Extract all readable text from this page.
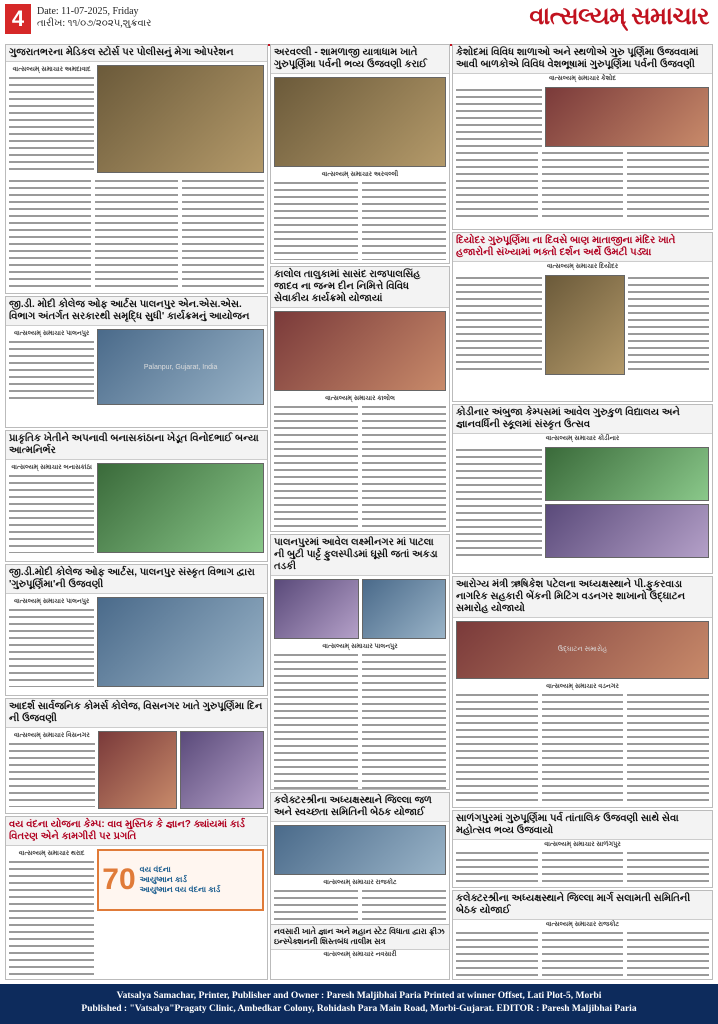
4	Date: 11-07-2025, Friday
તારીખ: ૧૧/૦૭/૨૦૨૫,શુક્રવાર	વાત્સલ્યમ્‌ સમાચાર
ગુજરાતભરના મેડિકલ સ્ટોર્સ પર પોલીસનું મેગા ઓપરેશન
વાત્સલ્યમ્‌ સમાચાર અમદાવાદ
જી.ડી. મોદી કોલેજ ઓફ આર્ટસ પાલનપુર એન.એસ.એસ. વિભાગ અંતર્ગત સરકારથી સમૃદ્ધિ સુધી' કાર્યક્રમનું આયોજન
વાત્સલ્યમ્‌ સમાચાર પાલનપુર
Palanpur, Gujarat, India
પ્રાકૃતિક ખેતીને અપનાવી બનાસકાંઠાના ખેડૂત વિનોદભાઈ બન્યા આત્મનિર્ભર
વાત્સલ્યમ્‌ સમાચાર બનાસકાંઠા
જી.ડી.મોદી કોલેજ ઓફ આર્ટસ, પાલનપુર સંસ્કૃત વિભાગ દ્વારા 'ગુરુપૂર્ણિમા'ની ઉજવણી
વાત્સલ્યમ્‌ સમાચાર પાલનપુર
આદર્શ સાર્વજનિક કોમર્સ કોલેજ, વિસનગર ખાતે ગુરુપૂર્ણિમા દિન ની ઉજવણી
વાત્સલ્યમ્‌ સમાચાર વિસનગર
વય વંદના યોજના કેમ્પ: વાવ મુસ્તિક કે જ્ઞાન? ક્યાંયમાં કાર્ડ વિતરણ એને કામગીરી પર પ્રગતિ
વાત્સલ્યમ્‌ સમાચાર થરાદ
70 વય વંદના
આયુષ્માન કાર્ડ
આયુષ્માન વય વંદના કાર્ડ
અરવલ્લી - શામળાજી યાત્રાધામ ખાતે ગુરુપૂર્ણિમા પર્વની ભવ્ય ઉજવણી કરાઈ
વાત્સલ્યમ્‌ સમાચાર અરવલ્લી
કાલોલ તાલુકામાં સાસંદ રાજપાલસિંહ જાદવ ના જન્મ દીન નિમિત્તે વિવિધ સેવાકીય કાર્યક્રમો યોજાયાં
વાત્સલ્યમ્‌ સમાચાર કાલોલ
પાલનપુરમાં આવેલ લક્ષ્મીનગર માં પાટલા ની બુટી પાર્ટ્ટ ફુલસ્પીડમાં ઘૂસી જતાં અકડા તડકી
વાત્સલ્યમ્‌ સમાચાર પાલનપુર
કલેક્ટરશ્રીના અધ્યક્ષસ્થાને જિલ્લા જળ અને સ્વચ્છતા સમિતિની બેઠક યોજાઈ
વાત્સલ્યમ્‌ સમાચાર રાજકોટ
કેશોદમાં વિવિધ શાળાઓ અને સ્થળોએ ગુરુ પૂર્ણિમા ઉજવવામાં આવી બાળકોએ વિવિધ વેશભૂષામાં ગુરુપૂર્ણિમા પર્વની ઉજવણી
વાત્સલ્યમ્‌ સમાચાર કેશોદ
દિયોદર ગુરુપૂર્ણિમા ના દિવસે બાણ માતાજીના મંદિર ખાતે હજારોની સંખ્યામાં ભક્તો દર્શન અર્થે ઉમટી પડ્યા
વાત્સલ્યમ્‌ સમાચાર દિયોદર
કોડીનાર અંબુજા કેમ્પસમાં આવેલ ગુરુકુળ વિદ્યાલય અને જ્ઞાનવર્ધિની સ્કૂલમાં સંસ્કૃત ઉત્સવ
વાત્સલ્યમ્‌ સમાચાર કોડીનાર
આરોગ્ય મંત્રી ઋષિકેશ પટેલના અધ્યક્ષસ્થાને પી.ફુકરવાડા નાગરિક સહકારી બેંકની મિટિંગ વડનગર શાખાનો ઉદ્ઘાટન સમારોહ યોજાયો
ઉદ્ઘાટન સમારોહ
વાત્સલ્યમ્‌ સમાચાર વડનગર
સાળંગપુરમાં ગુરુપૂર્ણિમા પર્વ તાંતાલિક ઉજવણી સાથે સેવા મહોત્સવ ભવ્ય ઉજવાયો
વાત્સલ્યમ્‌ સમાચાર સાળંગપુર
કલેક્ટરશ્રીના અધ્યક્ષસ્થાને જિલ્લા માર્ગ સલામતી સમિતિની બેઠક યોજાઈ
વાત્સલ્યમ્‌ સમાચાર રાજકોટ
નવસારી ખાતે જ્ઞાન અને મહાન સ્ટેટ વિધાતા દ્વારા ફ્રીઝ ઇન્સ્પેક્શનની શિસ્તબંધ તાલીમ સત્ર
વાત્સલ્યમ્‌ સમાચાર નવસારી
Vatsalya Samachar, Printer, Publisher and Owner : Paresh Maljibhai Paria Printed at winner Offset, Lati Plot-5, Morbi
Published : "Vatsalya"Pragaty Clinic, Ambedkar Colony, Rohidash Para Main Road, Morbi-Gujarat. EDITOR : Paresh Maljibhai Paria
